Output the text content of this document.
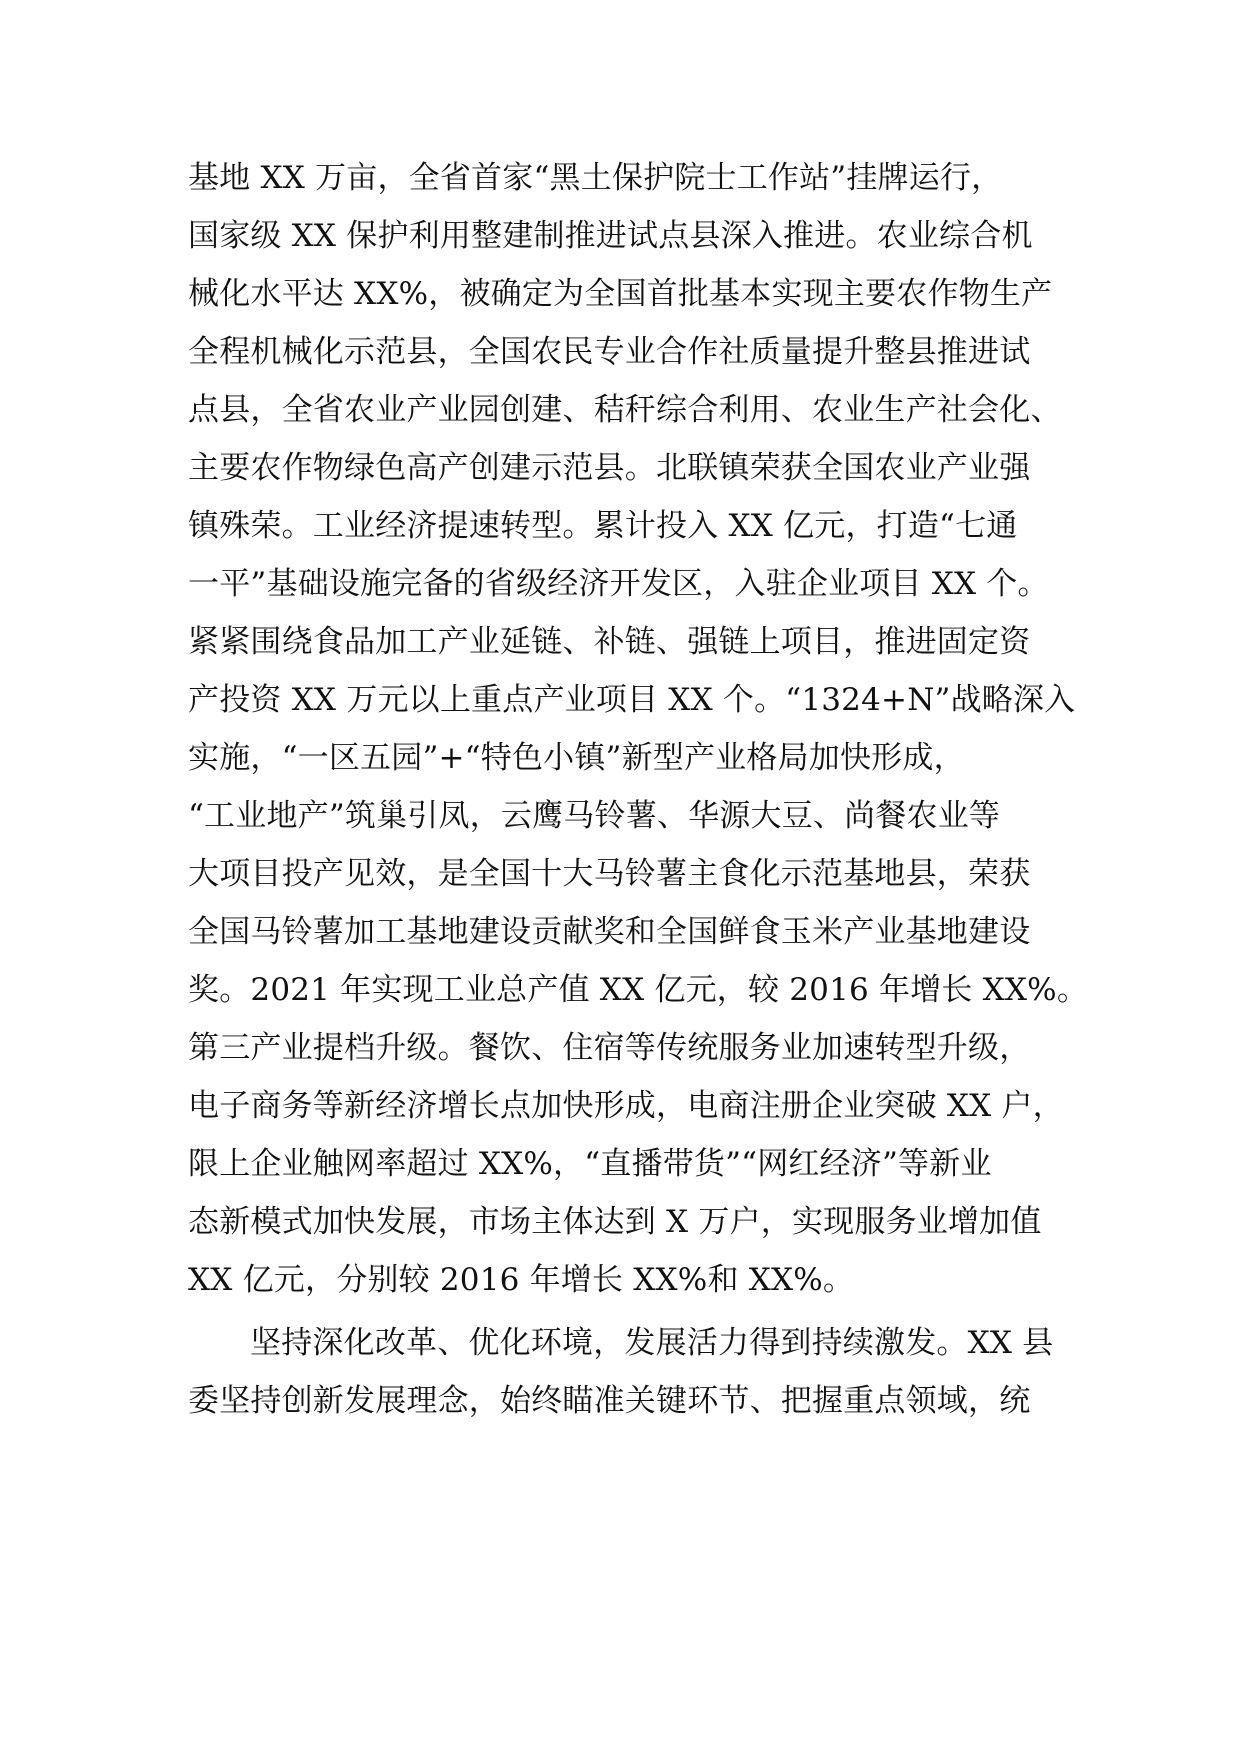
基地 XX 万亩，全省首家“黑土保护院士工作站”挂牌运行，
国家级 XX 保护利用整建制推进试点县深入推进。农业综合机
械化水平达 XX%，被确定为全国首批基本实现主要农作物生产
全程机械化示范县，全国农民专业合作社质量提升整县推进试
点县，全省农业产业园创建、秸秆综合利用、农业生产社会化、
主要农作物绿色高产创建示范县。北联镇荣获全国农业产业强
镇殊荣。工业经济提速转型。累计投入 XX 亿元，打造“七通
一平”基础设施完备的省级经济开发区，入驻企业项目 XX 个。
紧紧围绕食品加工产业延链、补链、强链上项目，推进固定资
产投资 XX 万元以上重点产业项目 XX 个。“1324+N”战略深入
实施，“一区五园”+“特色小镇”新型产业格局加快形成，
“工业地产”筑巢引凤，云鹰马铃薯、华源大豆、尚餐农业等
大项目投产见效，是全国十大马铃薯主食化示范基地县，荣获
全国马铃薯加工基地建设贡献奖和全国鲜食玉米产业基地建设
奖。2021 年实现工业总产值 XX 亿元，较 2016 年增长 XX%。
第三产业提档升级。餐饮、住宿等传统服务业加速转型升级，
电子商务等新经济增长点加快形成，电商注册企业突破 XX 户，
限上企业触网率超过 XX%，“直播带货”“网红经济”等新业
态新模式加快发展，市场主体达到 X 万户，实现服务业增加值
XX 亿元，分别较 2016 年增长 XX%和 XX%。
坚持深化改革、优化环境，发展活力得到持续激发。XX 县
委坚持创新发展理念，始终瞄准关键环节、把握重点领域，统
